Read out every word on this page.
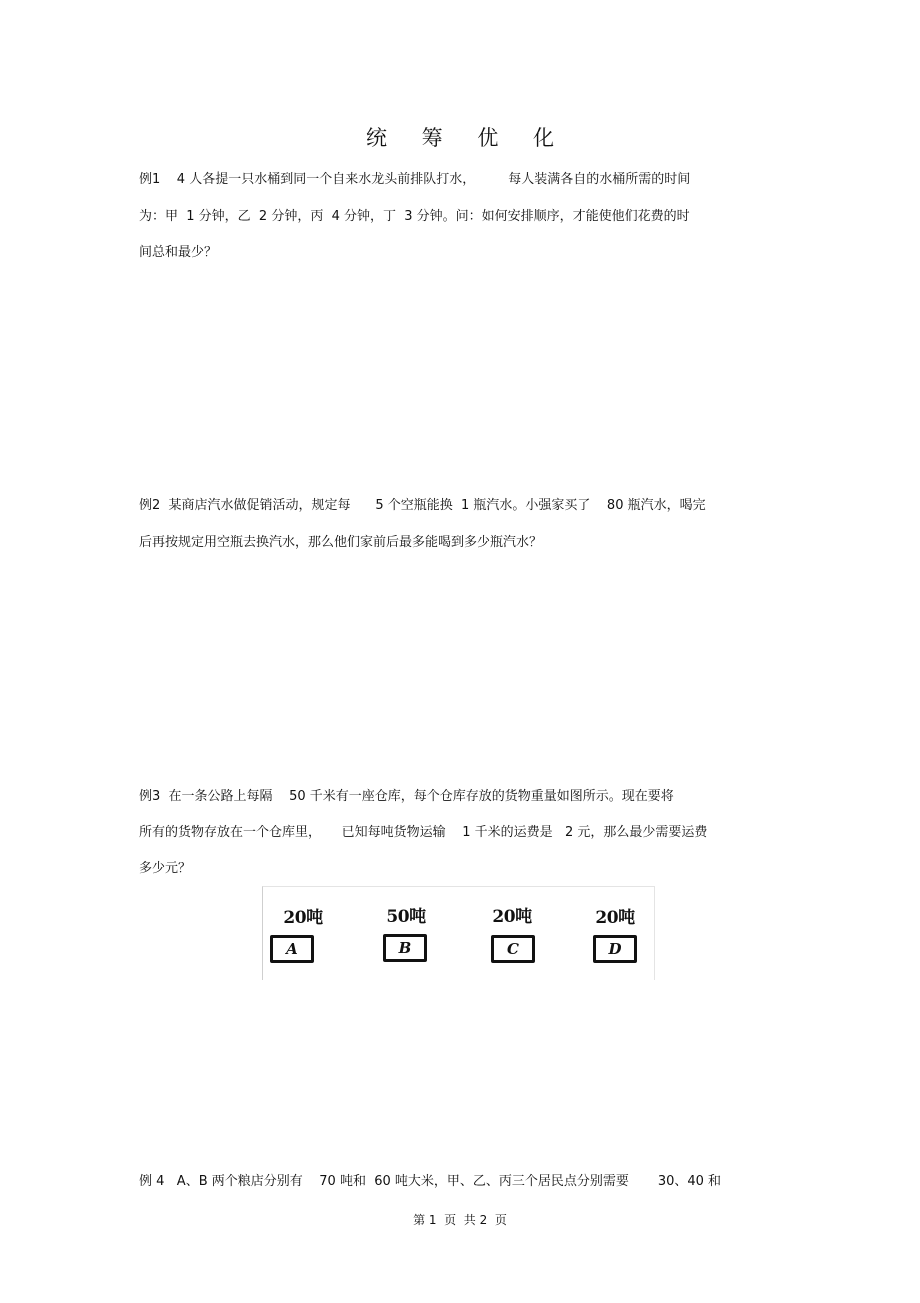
统 筹 优 化
例1    4 人各提一只水桶到同一个自来水龙头前排队打水，        每人装满各自的水桶所需的时间
为：甲  1 分钟，乙  2 分钟，丙  4 分钟，丁  3 分钟。问：如何安排顺序，才能使他们花费的时
间总和最少？
例2  某商店汽水做促销活动，规定每      5 个空瓶能换  1 瓶汽水。小强家买了    80 瓶汽水，喝完
后再按规定用空瓶去换汽水，那么他们家前后最多能喝到多少瓶汽水？
例3  在一条公路上每隔    50 千米有一座仓库，每个仓库存放的货物重量如图所示。现在要将
所有的货物存放在一个仓库里，     已知每吨货物运输    1 千米的运费是   2 元，那么最少需要运费
多少元？
20吨
A
50吨
B
20吨
C
20吨
D
例 4   A、B 两个粮店分别有    70 吨和  60 吨大米，甲、乙、丙三个居民点分别需要       30、40 和
第 1  页  共 2  页
